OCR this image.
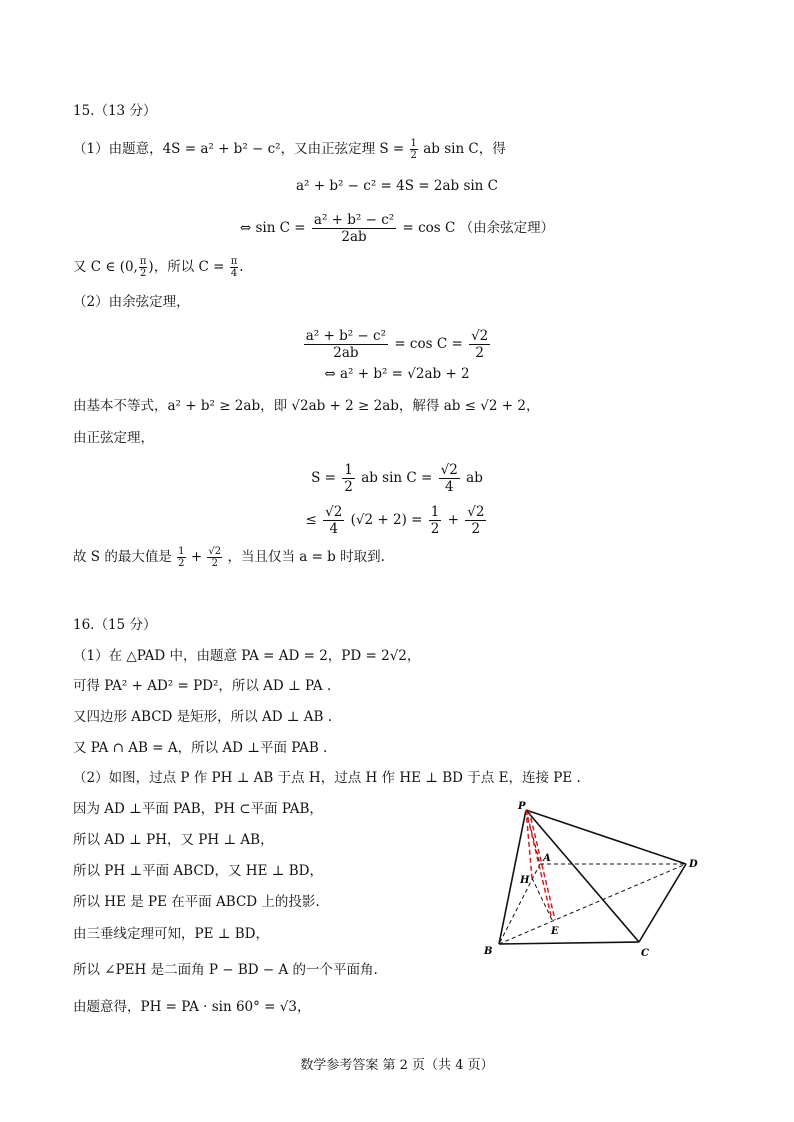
15.（13 分）
（1）由题意，4S = a² + b² − c²，又由正弦定理 $S = \frac{1}{2}$ ab sin C，得
a² + b² − c² = 4S = 2ab sin C
⇔ $\sin C = \frac{\text{a² + b² − c²}}{2ab} = \cos C$ （由余弦定理）
又 C ∈ (0, $\frac{\pi}{2}$ )，所以 $C = \frac{\pi}{4}$ .
（2）由余弦定理，
$\frac{\text{a² + b² − c²}}{2ab} = \cos C = \frac{√2}{2}$
⇔ a² + b² = √2ab + 2
由基本不等式，a² + b² ≥ 2ab，即 √2ab + 2 ≥ 2ab，解得 ab ≤ √2 + 2，
由正弦定理，
$S = \frac{1}{2}$ ab $\sin C = \frac{√2}{4}$ ab
≤ $\frac{√2}{4} (√2 + 2) = \frac{1}{2} + \frac{√2}{2}$
故 S 的最大值是 $\frac{1}{2} + \frac{√2}{2}$ ，当且仅当 a = b 时取到.
16.（15 分）
（1）在 △PAD 中，由题意 PA = AD = 2，PD = 2√2，
可得 PA² + AD² = PD²，所以 AD ⊥ PA .
又四边形 ABCD 是矩形，所以 AD ⊥ AB .
又 PA ∩ AB = A，所以 AD ⊥平面 PAB .
（2）如图，过点 P 作 PH ⊥ AB 于点 H，过点 H 作 HE ⊥ BD 于点 E，连接 PE .
因为 AD ⊥平面 PAB，PH ⊂平面 PAB，
所以 AD ⊥ PH，又 PH ⊥ AB，
所以 PH ⊥平面 ABCD，又 HE ⊥ BD，
所以 HE 是 PE 在平面 ABCD 上的投影.
由三垂线定理可知，PE ⊥ BD，
所以 ∠PEH 是二面角 P − BD − A 的一个平面角.
由题意得，PH = PA · sin 60° = √3，
P
A
H
D
B
E
C
数学参考答案 第 2 页（共 4 页）
